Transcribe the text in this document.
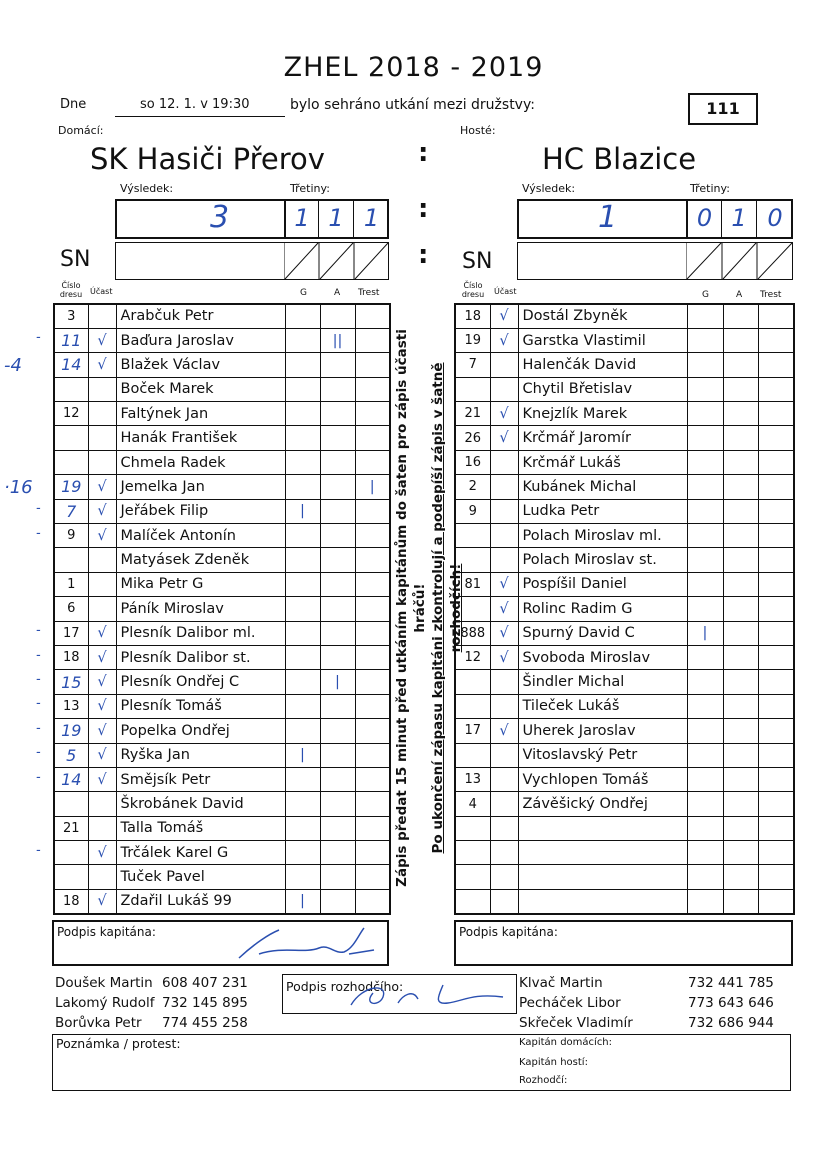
ZHEL 2018 - 2019
Dne	so 12. 1. v 19:30	bylo sehráno utkání mezi družstvy:	111
Domácí:	Hosté:
SK Hasiči Přerov	HC Blazice
:
:
:
Výsledek:	Třetiny:
3	1 1 1
Výsledek:	Třetiny:
1	0 1 0
SN	SN
Číslo dresu Účast	G	A Trest
Číslo dresu Účast	G	A Trest
3		Arabčuk Petr			
11	√	Baďura Jaroslav		||	
14	√	Blažek Václav			
		Boček Marek			
12		Faltýnek Jan			
		Hanák František			
		Chmela Radek			
19	√	Jemelka Jan			|
7	√	Jeřábek Filip	|		
9	√	Malíček Antonín			
		Matyásek Zdeněk			
1		Mika Petr G			
6		Páník Miroslav			
17	√	Plesník Dalibor ml.			
18	√	Plesník Dalibor st.			
15	√	Plesník Ondřej C		|	
13	√	Plesník Tomáš			
19	√	Popelka Ondřej			
5	√	Ryška Jan	|		
14	√	Smějsík Petr			
		Škrobánek David			
21		Talla Tomáš			
	√	Trčálek Karel G			
		Tuček Pavel			
18	√	Zdařil Lukáš 99	|		
-
-4
·16
-
-
-
-
-
-
-
-
-
-
18	√	Dostál Zbyněk			
19	√	Garstka Vlastimil			
7		Halenčák David			
		Chytil Břetislav			
21	√	Knejzlík Marek			
26	√	Krčmář Jaromír			
16		Krčmář Lukáš			
2		Kubánek Michal			
9		Ludka Petr			
		Polach Miroslav ml.			
		Polach Miroslav st.			
81	√	Pospíšil Daniel			
	√	Rolinc Radim G			
888	√	Spurný David C	|		
12	√	Svoboda Miroslav			
		Šindler Michal			
		Tileček Lukáš			
17	√	Uherek Jaroslav			
		Vitoslavský Petr			
13		Vychlopen Tomáš			
4		Závěšický Ondřej			

Zápis předat 15 minut před utkáním kapitánům do šaten pro zápis účasti hráčů! Po ukončení zápasu kapitáni zkontrolují a podepíší zápis v šatně rozhodčích!
Podpis kapitána:	Podpis kapitána:
Doušek Martin 608 407 231
Lakomý Rudolf 732 145 895
Borůvka Petr 774 455 258
Klvač Martin	732 441 785
Pecháček Libor	773 643 646
Skřeček Vladimír	732 686 944
Podpis rozhodčího:
Poznámka / protest:	Kapitán domácích:
Kapitán hostí:
Rozhodčí:
